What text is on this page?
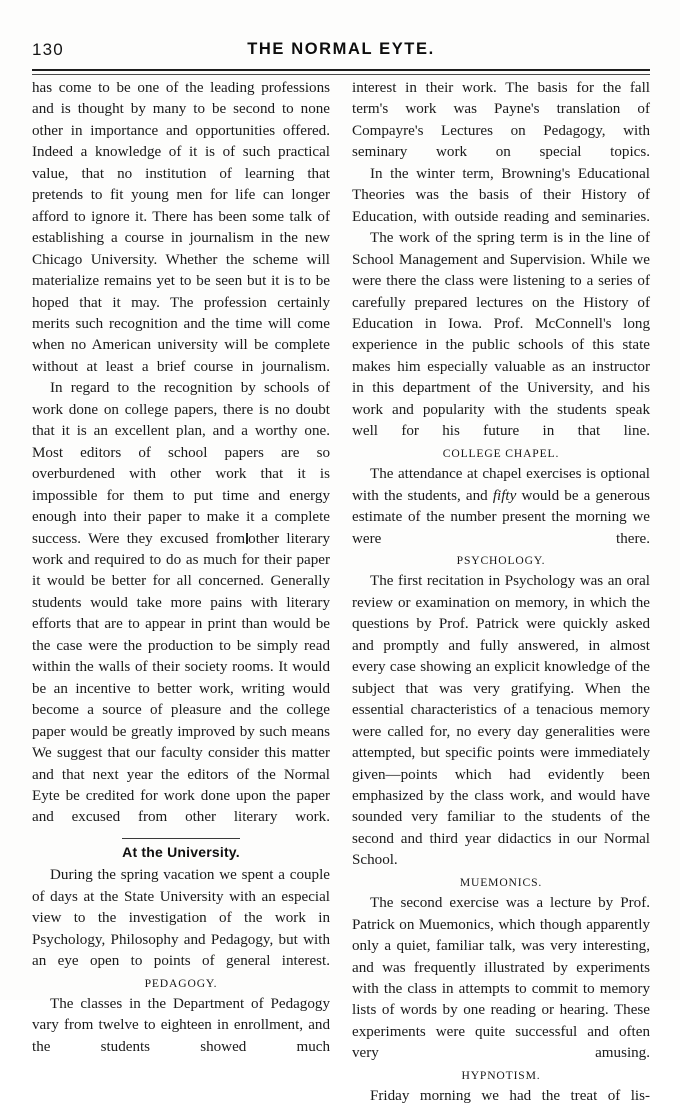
130	THE NORMAL EYTE.

has come to be one of the leading professions and is thought by many to be second to none other in importance and opportunities offered. Indeed a knowledge of it is of such practical value, that no institution of learning that pretends to fit young men for life can longer afford to ignore it. There has been some talk of establishing a course in journalism in the new Chicago University. Whether the scheme will materialize remains yet to be seen but it is to be hoped that it may. The profession certainly merits such recognition and the time will come when no American university will be complete without at least a brief course in journalism.

In regard to the recognition by schools of work done on college papers, there is no doubt that it is an excellent plan, and a worthy one. Most editors of school papers are so overburdened with other work that it is impossible for them to put time and energy enough into their paper to make it a complete success. Were they excused from other literary work and required to do as much for their paper it would be better for all concerned. Generally students would take more pains with literary efforts that are to appear in print than would be the case were the production to be simply read within the walls of their society rooms. It would be an incentive to better work, writing would become a source of pleasure and the college paper would be greatly improved by such means We suggest that our faculty consider this matter and that next year the editors of the Normal Eyte be credited for work done upon the paper and excused from other literary work.

At the University.

During the spring vacation we spent a couple of days at the State University with an especial view to the investigation of the work in Psychology, Philosophy and Pedagogy, but with an eye open to points of general interest.

PEDAGOGY.

The classes in the Department of Pedagogy vary from twelve to eighteen in enrollment, and the students showed much

interest in their work. The basis for the fall term's work was Payne's translation of Compayre's Lectures on Pedagogy, with seminary work on special topics.

In the winter term, Browning's Educational Theories was the basis of their History of Education, with outside reading and seminaries.

The work of the spring term is in the line of School Management and Supervision. While we were there the class were listening to a series of carefully prepared lectures on the History of Education in Iowa. Prof. McConnell's long experience in the public schools of this state makes him especially valuable as an instructor in this department of the University, and his work and popularity with the students speak well for his future in that line.

COLLEGE CHAPEL.

The attendance at chapel exercises is optional with the students, and fifty would be a generous estimate of the number present the morning we were there.

PSYCHOLOGY.

The first recitation in Psychology was an oral review or examination on memory, in which the questions by Prof. Patrick were quickly asked and promptly and fully answered, in almost every case showing an explicit knowledge of the subject that was very gratifying. When the essential characteristics of a tenacious memory were called for, no every day generalities were attempted, but specific points were immediately given—points which had evidently been emphasized by the class work, and would have sounded very familiar to the students of the second and third year didactics in our Normal School.

MUEMONICS.

The second exercise was a lecture by Prof. Patrick on Muemonics, which though apparently only a quiet, familiar talk, was very interesting, and was frequently illustrated by experiments with the class in attempts to commit to memory lists of words by one reading or hearing. These experiments were quite successful and often very amusing.

HYPNOTISM.

Friday morning we had the treat of lis-
